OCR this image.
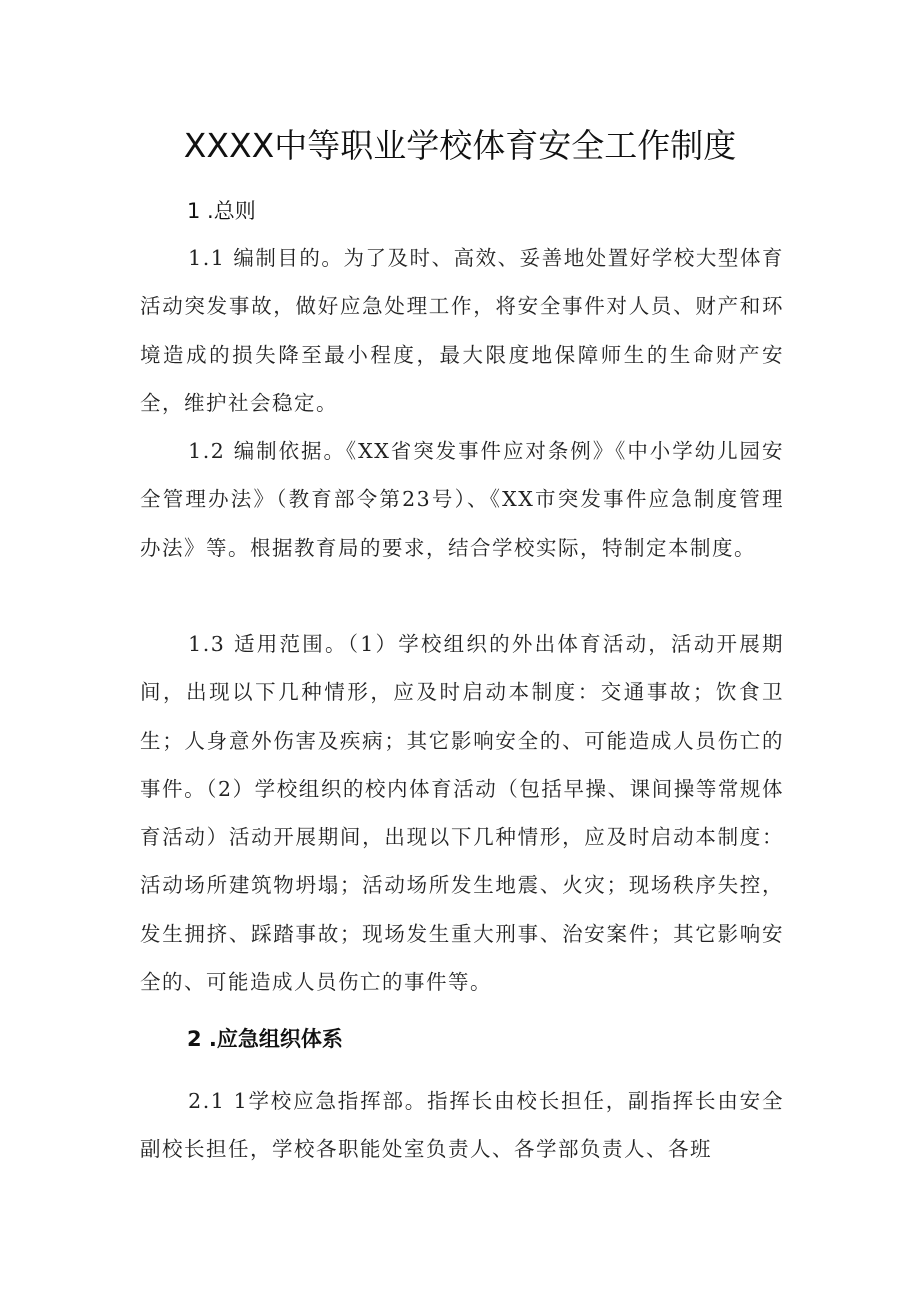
XXXX中等职业学校体育安全工作制度
1 .总则
1.1 编制目的。为了及时、高效、妥善地处置好学校大型体育活动突发事故，做好应急处理工作，将安全事件对人员、财产和环境造成的损失降至最小程度，最大限度地保障师生的生命财产安全，维护社会稳定。
1.2 编制依据。《XX省突发事件应对条例》《中小学幼儿园安全管理办法》（教育部令第23号）、《XX市突发事件应急制度管理办法》等。根据教育局的要求，结合学校实际，特制定本制度。
1.3 适用范围。（1）学校组织的外出体育活动，活动开展期间，出现以下几种情形，应及时启动本制度：交通事故；饮食卫生；人身意外伤害及疾病；其它影响安全的、可能造成人员伤亡的事件。（2）学校组织的校内体育活动（包括早操、课间操等常规体育活动）活动开展期间，出现以下几种情形，应及时启动本制度：活动场所建筑物坍塌；活动场所发生地震、火灾；现场秩序失控，发生拥挤、踩踏事故；现场发生重大刑事、治安案件；其它影响安全的、可能造成人员伤亡的事件等。
2 .应急组织体系
2.1 1学校应急指挥部。指挥长由校长担任，副指挥长由安全副校长担任，学校各职能处室负责人、各学部负责人、各班
